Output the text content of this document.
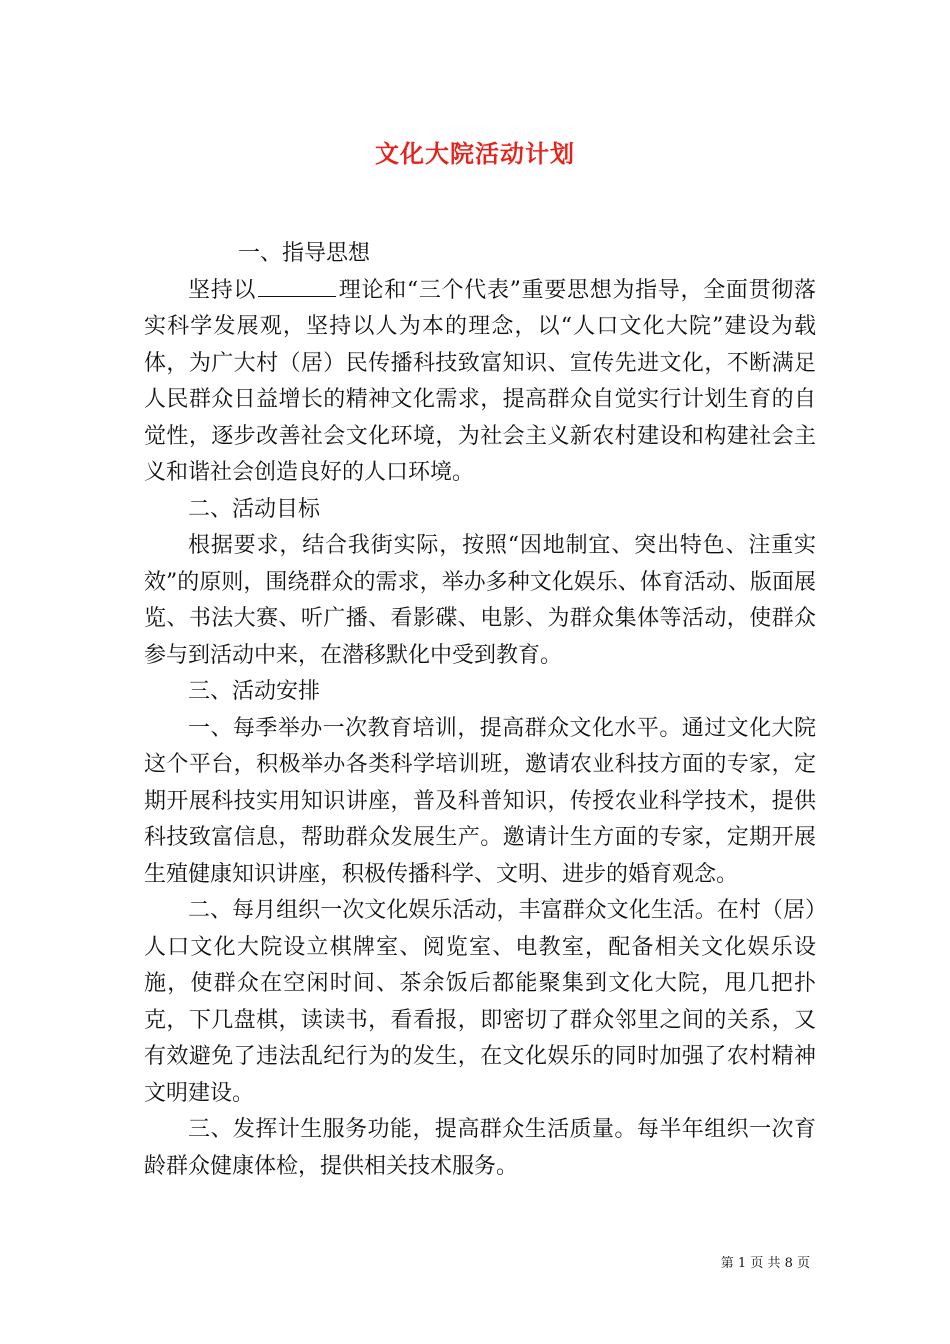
文化大院活动计划

一、指导思想

坚持以	理论和“三个代表”重要思想为指导，全面贯彻落实科学发展观，坚持以人为本的理念，以“人口文化大院”建设为载体，为广大村（居）民传播科技致富知识、宣传先进文化，不断满足人民群众日益增长的精神文化需求，提高群众自觉实行计划生育的自觉性，逐步改善社会文化环境，为社会主义新农村建设和构建社会主义和谐社会创造良好的人口环境。

二、活动目标

根据要求，结合我街实际，按照“因地制宜、突出特色、注重实效”的原则，围绕群众的需求，举办多种文化娱乐、体育活动、版面展览、书法大赛、听广播、看影碟、电影、为群众集体等活动，使群众参与到活动中来，在潜移默化中受到教育。

三、活动安排

一、每季举办一次教育培训，提高群众文化水平。通过文化大院这个平台，积极举办各类科学培训班，邀请农业科技方面的专家，定期开展科技实用知识讲座，普及科普知识，传授农业科学技术，提供科技致富信息，帮助群众发展生产。邀请计生方面的专家，定期开展生殖健康知识讲座，积极传播科学、文明、进步的婚育观念。

二、每月组织一次文化娱乐活动，丰富群众文化生活。在村（居）人口文化大院设立棋牌室、阅览室、电教室，配备相关文化娱乐设施，使群众在空闲时间、茶余饭后都能聚集到文化大院，甩几把扑克，下几盘棋，读读书，看看报，即密切了群众邻里之间的关系，又有效避免了违法乱纪行为的发生，在文化娱乐的同时加强了农村精神文明建设。

三、发挥计生服务功能，提高群众生活质量。每半年组织一次育龄群众健康体检，提供相关技术服务。

第 1 页 共 8 页
